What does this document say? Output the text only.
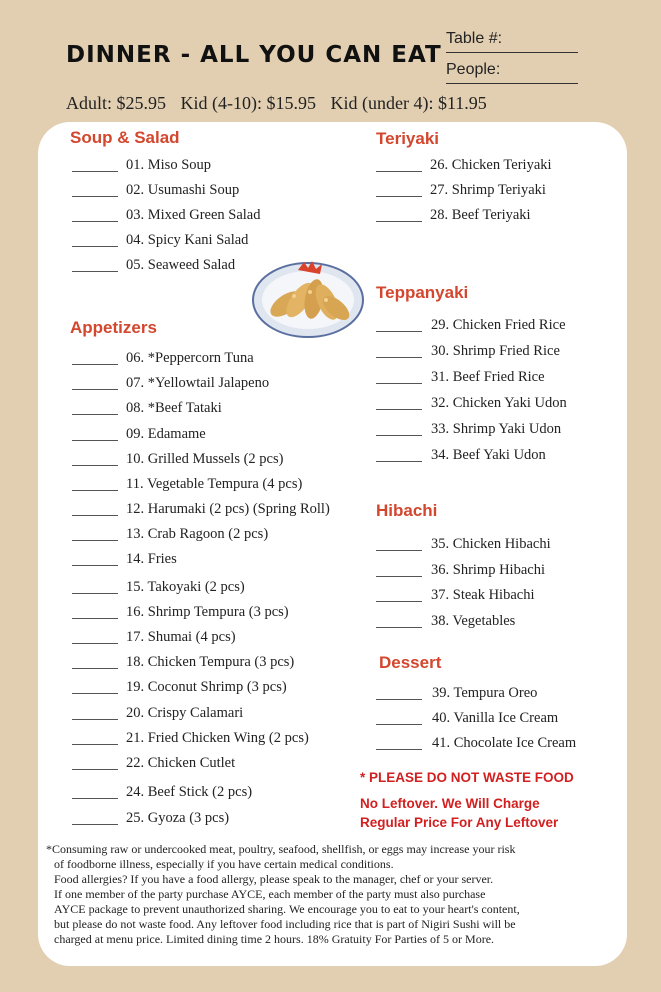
DINNER - ALL YOU CAN EAT
Table #:
People:
Adult: $25.95 Kid (4-10): $15.95 Kid (under 4): $11.95
Soup & Salad
Appetizers
Teriyaki
Teppanyaki
Hibachi
Dessert
01. Miso Soup
02. Usumashi Soup
03. Mixed Green Salad
04. Spicy Kani Salad
05. Seaweed Salad
06. *Peppercorn Tuna
07. *Yellowtail Jalapeno
08. *Beef Tataki
09. Edamame
10. Grilled Mussels (2 pcs)
11. Vegetable Tempura (4 pcs)
12. Harumaki (2 pcs) (Spring Roll)
13. Crab Ragoon (2 pcs)
14. Fries
15. Takoyaki (2 pcs)
16. Shrimp Tempura (3 pcs)
17. Shumai (4 pcs)
18. Chicken Tempura (3 pcs)
19. Coconut Shrimp (3 pcs)
20. Crispy Calamari
21. Fried Chicken Wing (2 pcs)
22. Chicken Cutlet
24. Beef Stick (2 pcs)
25. Gyoza (3 pcs)
26. Chicken Teriyaki
27. Shrimp Teriyaki
28. Beef Teriyaki
29. Chicken Fried Rice
30. Shrimp Fried Rice
31. Beef Fried Rice
32. Chicken Yaki Udon
33. Shrimp Yaki Udon
34. Beef Yaki Udon
35. Chicken Hibachi
36. Shrimp Hibachi
37. Steak Hibachi
38. Vegetables
39. Tempura Oreo
40. Vanilla Ice Cream
41. Chocolate Ice Cream
* PLEASE DO NOT WASTE FOOD
No Leftover. We Will Charge
Regular Price For Any Leftover
*Consuming raw or undercooked meat, poultry, seafood, shellfish, or eggs may increase your risk
of foodborne illness, especially if you have certain medical conditions.
Food allergies? If you have a food allergy, please speak to the manager, chef or your server.
If one member of the party purchase AYCE, each member of the party must also purchase
AYCE package to prevent unauthorized sharing. We encourage you to eat to your heart's content,
but please do not waste food. Any leftover food including rice that is part of Nigiri Sushi will be
charged at menu price. Limited dining time 2 hours. 18% Gratuity For Parties of 5 or More.
